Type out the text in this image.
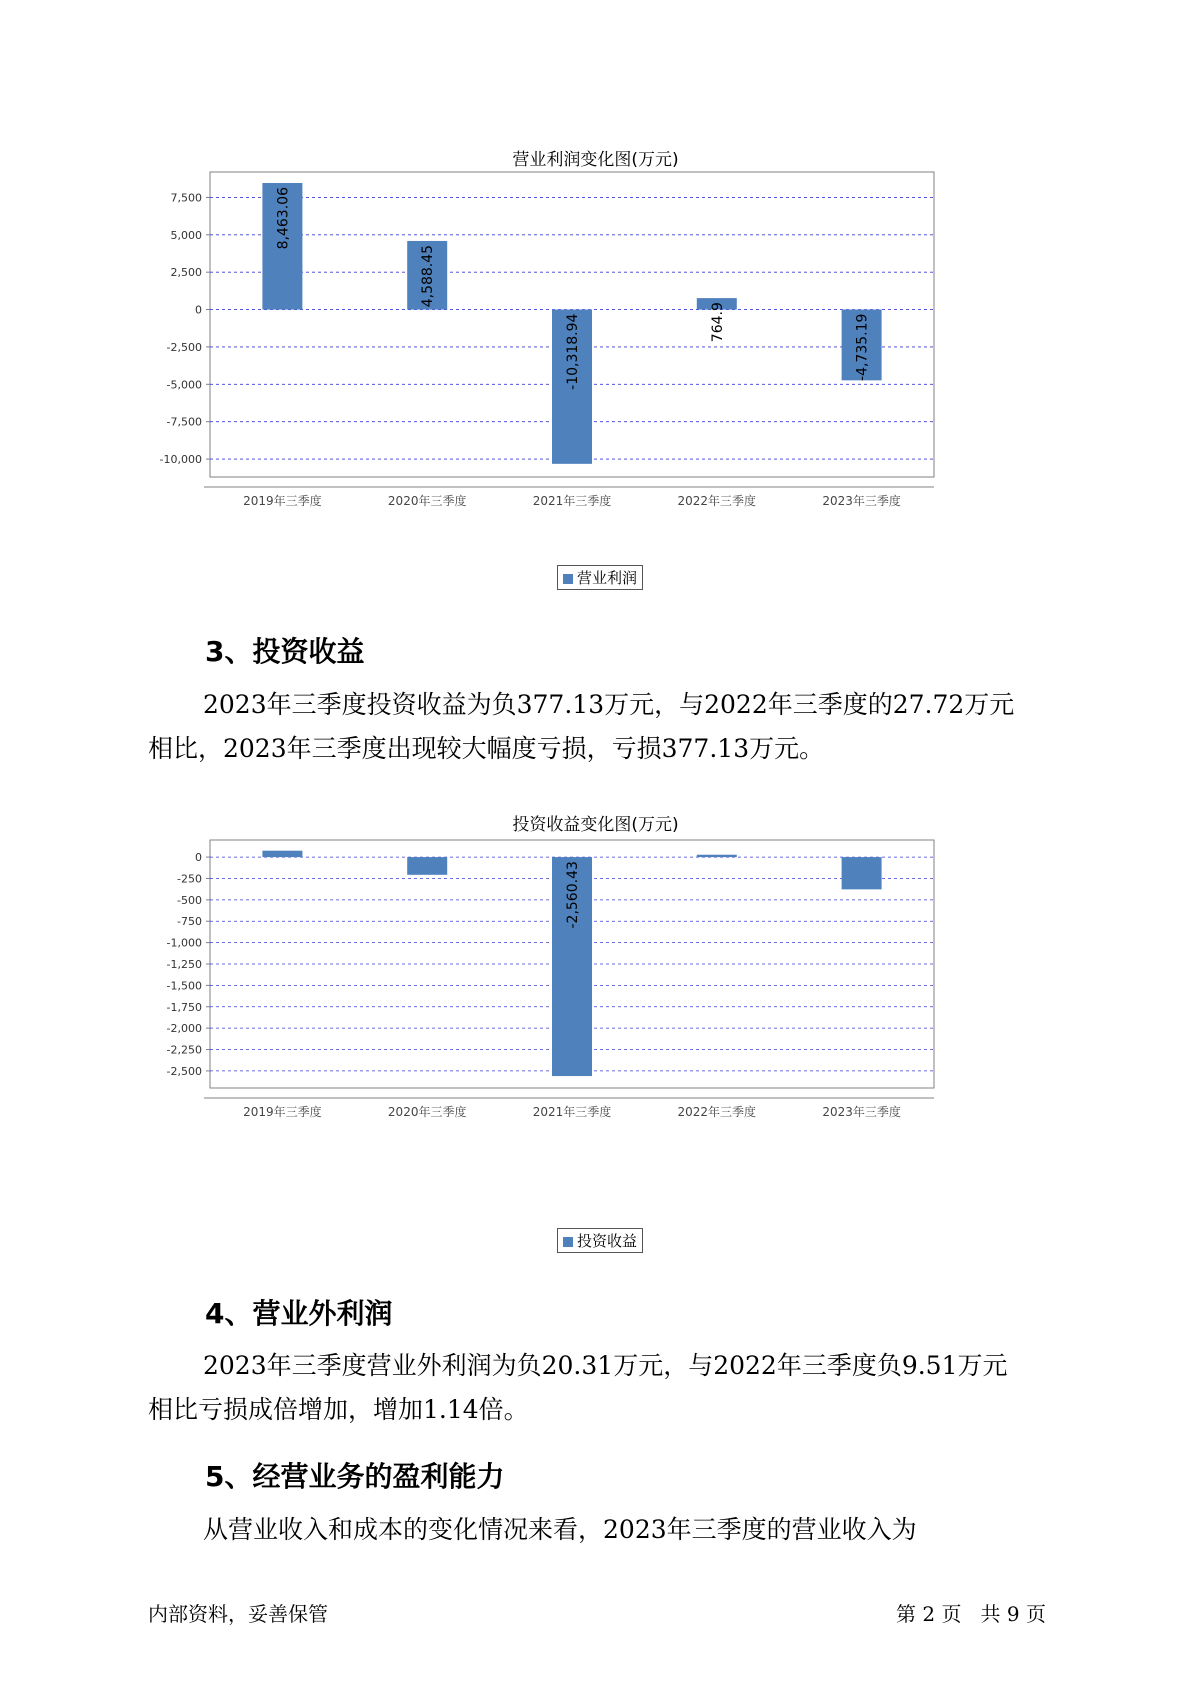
营业利润变化图(万元)
7,500
5,000
2,500
0
-2,500
-5,000
-7,500
-10,000
2019年三季度
8,463.06
2020年三季度
4,588.45
2021年三季度
-10,318.94
2022年三季度
764.9
2023年三季度
-4,735.19
营业利润
3、投资收益
2023年三季度投资收益为负377.13万元，与2022年三季度的27.72万元
相比，2023年三季度出现较大幅度亏损，亏损377.13万元。
投资收益变化图(万元)
0
-250
-500
-750
-1,000
-1,250
-1,500
-1,750
-2,000
-2,250
-2,500
2019年三季度	2020年三季度	2021年三季度
-2,560.43
2022年三季度	2023年三季度
投资收益
4、营业外利润
2023年三季度营业外利润为负20.31万元，与2022年三季度负9.51万元
相比亏损成倍增加，增加1.14倍。
5、经营业务的盈利能力
从营业收入和成本的变化情况来看，2023年三季度的营业收入为
内部资料，妥善保管	第 2 页   共 9 页
